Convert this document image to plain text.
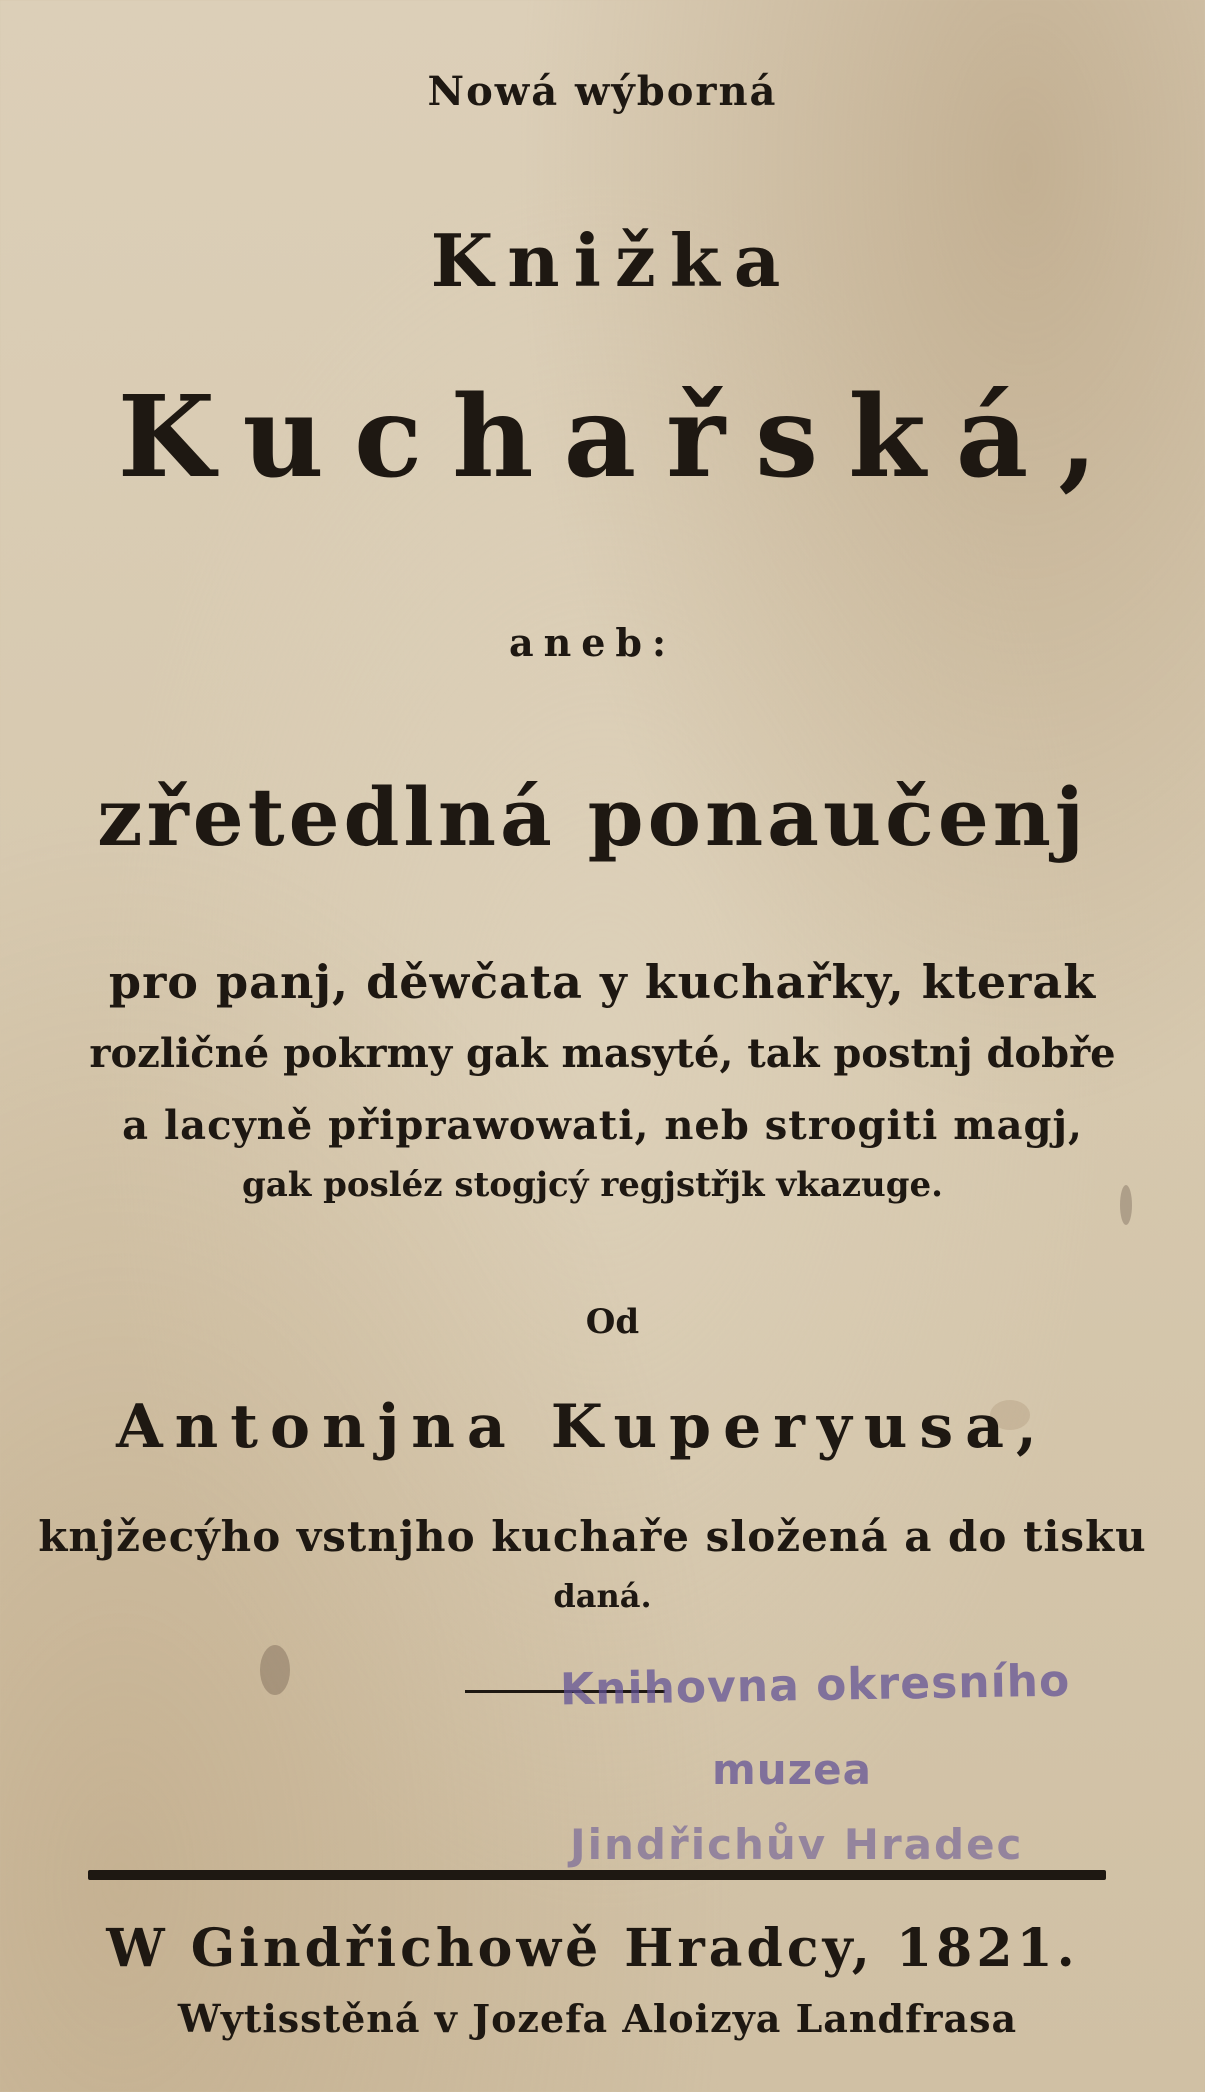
Nowá wýborná
Knižka
Kuchařská,
aneb:
zřetedlná ponaučenj
pro panj, děwčata y kuchařky, kterak
rozličné pokrmy gak masyté, tak postnj dobře
a lacyně připrawowati, neb strogiti magj,
gak posléz stogjcý regjstřjk vkazuge.
Od
Antonjna Kuperyusa,
knjžecýho vstnjho kuchaře složená a do tisku
daná.
Knihovna okresního
muzea
Jindřichův Hradec
W Gindřichowě Hradcy, 1821.
Wytisstěná v Jozefa Aloizya Landfrasa
